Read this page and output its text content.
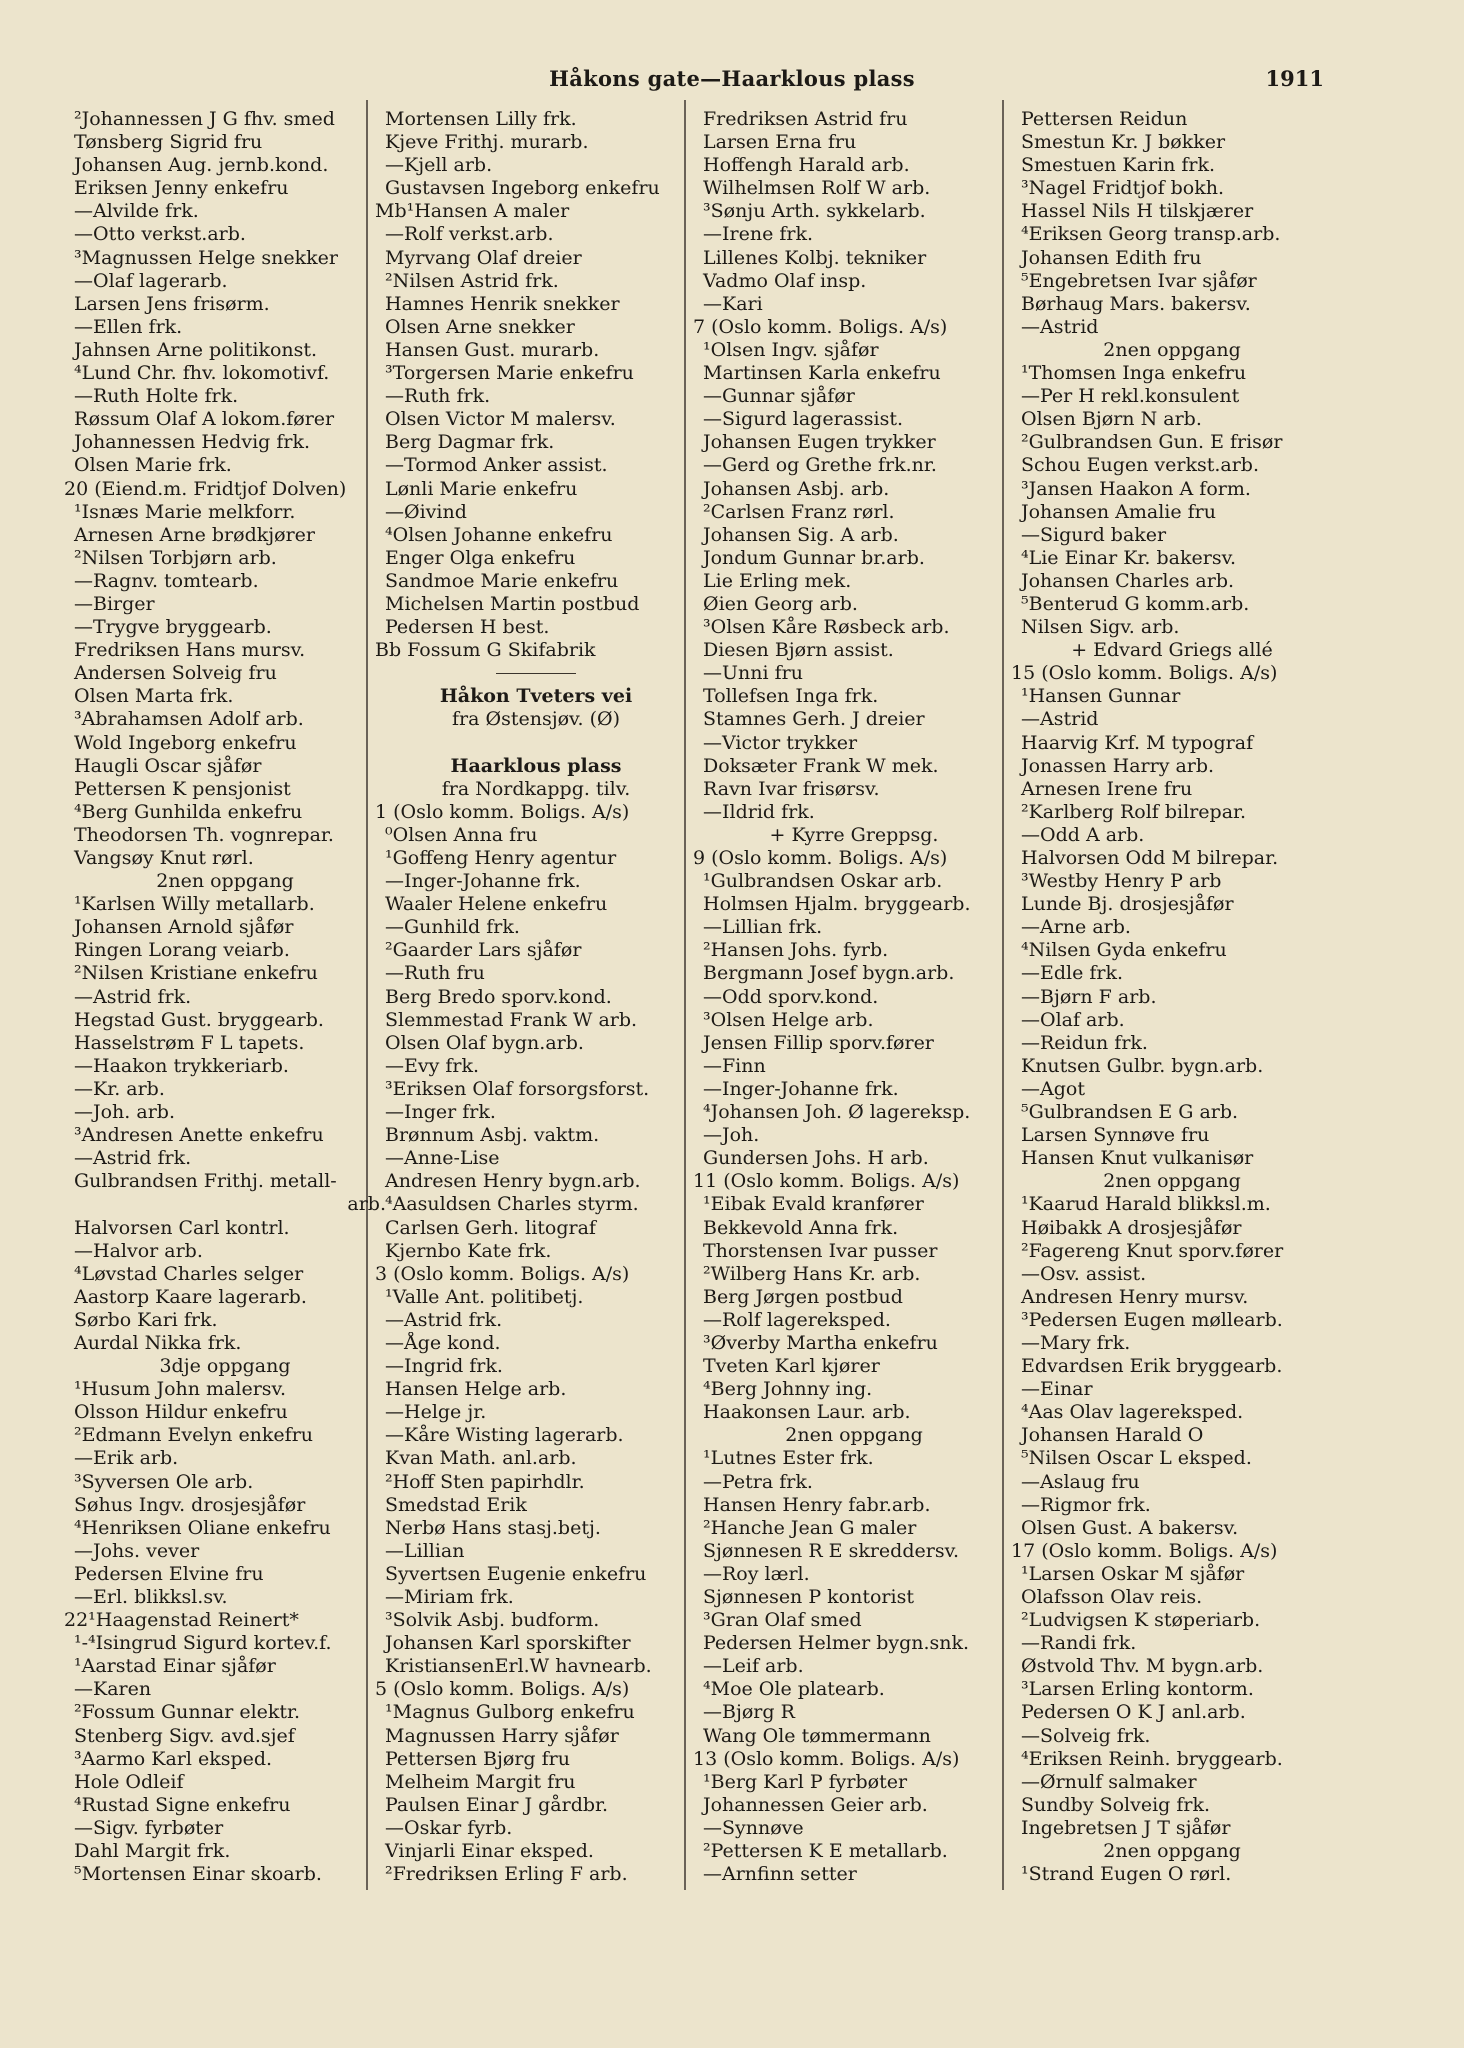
Håkons gate—Haarklous plass	1911
²Johannessen J G fhv. smed
Tønsberg Sigrid fru
Johansen Aug. jernb.kond.
Eriksen Jenny enkefru
—Alvilde frk.
—Otto verkst.arb.
³Magnussen Helge snekker
—Olaf lagerarb.
Larsen Jens frisørm.
—Ellen frk.
Jahnsen Arne politikonst.
⁴Lund Chr. fhv. lokomotivf.
—Ruth Holte frk.
Røssum Olaf A lokom.fører
Johannessen Hedvig frk.
Olsen Marie frk.
20 (Eiend.m. Fridtjof Dolven)
¹Isnæs Marie melkforr.
Arnesen Arne brødkjører
²Nilsen Torbjørn arb.
—Ragnv. tomtearb.
—Birger
—Trygve bryggearb.
Fredriksen Hans mursv.
Andersen Solveig fru
Olsen Marta frk.
³Abrahamsen Adolf arb.
Wold Ingeborg enkefru
Haugli Oscar sjåfør
Pettersen K pensjonist
⁴Berg Gunhilda enkefru
Theodorsen Th. vognrepar.
Vangsøy Knut rørl.
2nen oppgang
¹Karlsen Willy metallarb.
Johansen Arnold sjåfør
Ringen Lorang veiarb.
²Nilsen Kristiane enkefru
—Astrid frk.
Hegstad Gust. bryggearb.
Hasselstrøm F L tapets.
—Haakon trykkeriarb.
—Kr. arb.
—Joh. arb.
³Andresen Anette enkefru
—Astrid frk.
Gulbrandsen Frithj. metall-
arb.
Halvorsen Carl kontrl.
—Halvor arb.
⁴Løvstad Charles selger
Aastorp Kaare lagerarb.
Sørbo Kari frk.
Aurdal Nikka frk.
3dje oppgang
¹Husum John malersv.
Olsson Hildur enkefru
²Edmann Evelyn enkefru
—Erik arb.
³Syversen Ole arb.
Søhus Ingv. drosjesjåfør
⁴Henriksen Oliane enkefru
—Johs. vever
Pedersen Elvine fru
—Erl. blikksl.sv.
22¹Haagenstad Reinert*
¹-⁴Isingrud Sigurd kortev.f.
¹Aarstad Einar sjåfør
—Karen
²Fossum Gunnar elektr.
Stenberg Sigv. avd.sjef
³Aarmo Karl eksped.
Hole Odleif
⁴Rustad Signe enkefru
—Sigv. fyrbøter
Dahl Margit frk.
⁵Mortensen Einar skoarb.
Mortensen Lilly frk.
Kjeve Frithj. murarb.
—Kjell arb.
Gustavsen Ingeborg enkefru
Mb¹Hansen A maler
—Rolf verkst.arb.
Myrvang Olaf dreier
²Nilsen Astrid frk.
Hamnes Henrik snekker
Olsen Arne snekker
Hansen Gust. murarb.
³Torgersen Marie enkefru
—Ruth frk.
Olsen Victor M malersv.
Berg Dagmar frk.
—Tormod Anker assist.
Lønli Marie enkefru
—Øivind
⁴Olsen Johanne enkefru
Enger Olga enkefru
Sandmoe Marie enkefru
Michelsen Martin postbud
Pedersen H best.
Bb Fossum G Skifabrik
Håkon Tveters vei
fra Østensjøv. (Ø)
Haarklous plass
fra Nordkappg. tilv.
1 (Oslo komm. Boligs. A/s)
⁰Olsen Anna fru
¹Goffeng Henry agentur
—Inger-Johanne frk.
Waaler Helene enkefru
—Gunhild frk.
²Gaarder Lars sjåfør
—Ruth fru
Berg Bredo sporv.kond.
Slemmestad Frank W arb.
Olsen Olaf bygn.arb.
—Evy frk.
³Eriksen Olaf forsorgsforst.
—Inger frk.
Brønnum Asbj. vaktm.
—Anne-Lise
Andresen Henry bygn.arb.
⁴Aasuldsen Charles styrm.
Carlsen Gerh. litograf
Kjernbo Kate frk.
3 (Oslo komm. Boligs. A/s)
¹Valle Ant. politibetj.
—Astrid frk.
—Åge kond.
—Ingrid frk.
Hansen Helge arb.
—Helge jr.
—Kåre Wisting lagerarb.
Kvan Math. anl.arb.
²Hoff Sten papirhdlr.
Smedstad Erik
Nerbø Hans stasj.betj.
—Lillian
Syvertsen Eugenie enkefru
—Miriam frk.
³Solvik Asbj. budform.
Johansen Karl sporskifter
KristiansenErl.W havnearb.
5 (Oslo komm. Boligs. A/s)
¹Magnus Gulborg enkefru
Magnussen Harry sjåfør
Pettersen Bjørg fru
Melheim Margit fru
Paulsen Einar J gårdbr.
—Oskar fyrb.
Vinjarli Einar eksped.
²Fredriksen Erling F arb.
Fredriksen Astrid fru
Larsen Erna fru
Hoffengh Harald arb.
Wilhelmsen Rolf W arb.
³Sønju Arth. sykkelarb.
—Irene frk.
Lillenes Kolbj. tekniker
Vadmo Olaf insp.
—Kari
7 (Oslo komm. Boligs. A/s)
¹Olsen Ingv. sjåfør
Martinsen Karla enkefru
—Gunnar sjåfør
—Sigurd lagerassist.
Johansen Eugen trykker
—Gerd og Grethe frk.nr.
Johansen Asbj. arb.
²Carlsen Franz rørl.
Johansen Sig. A arb.
Jondum Gunnar br.arb.
Lie Erling mek.
Øien Georg arb.
³Olsen Kåre Røsbeck arb.
Diesen Bjørn assist.
—Unni fru
Tollefsen Inga frk.
Stamnes Gerh. J dreier
—Victor trykker
Doksæter Frank W mek.
Ravn Ivar frisørsv.
—Ildrid frk.
+ Kyrre Greppsg.
9 (Oslo komm. Boligs. A/s)
¹Gulbrandsen Oskar arb.
Holmsen Hjalm. bryggearb.
—Lillian frk.
²Hansen Johs. fyrb.
Bergmann Josef bygn.arb.
—Odd sporv.kond.
³Olsen Helge arb.
Jensen Fillip sporv.fører
—Finn
—Inger-Johanne frk.
⁴Johansen Joh. Ø lagereksp.
—Joh.
Gundersen Johs. H arb.
11 (Oslo komm. Boligs. A/s)
¹Eibak Evald kranfører
Bekkevold Anna frk.
Thorstensen Ivar pusser
²Wilberg Hans Kr. arb.
Berg Jørgen postbud
—Rolf lagereksped.
³Øverby Martha enkefru
Tveten Karl kjører
⁴Berg Johnny ing.
Haakonsen Laur. arb.
2nen oppgang
¹Lutnes Ester frk.
—Petra frk.
Hansen Henry fabr.arb.
²Hanche Jean G maler
Sjønnesen R E skreddersv.
—Roy lærl.
Sjønnesen P kontorist
³Gran Olaf smed
Pedersen Helmer bygn.snk.
—Leif arb.
⁴Moe Ole platearb.
—Bjørg R
Wang Ole tømmermann
13 (Oslo komm. Boligs. A/s)
¹Berg Karl P fyrbøter
Johannessen Geier arb.
—Synnøve
²Pettersen K E metallarb.
—Arnfinn setter
Pettersen Reidun
Smestun Kr. J bøkker
Smestuen Karin frk.
³Nagel Fridtjof bokh.
Hassel Nils H tilskjærer
⁴Eriksen Georg transp.arb.
Johansen Edith fru
⁵Engebretsen Ivar sjåfør
Børhaug Mars. bakersv.
—Astrid
2nen oppgang
¹Thomsen Inga enkefru
—Per H rekl.konsulent
Olsen Bjørn N arb.
²Gulbrandsen Gun. E frisør
Schou Eugen verkst.arb.
³Jansen Haakon A form.
Johansen Amalie fru
—Sigurd baker
⁴Lie Einar Kr. bakersv.
Johansen Charles arb.
⁵Benterud G komm.arb.
Nilsen Sigv. arb.
+ Edvard Griegs allé
15 (Oslo komm. Boligs. A/s)
¹Hansen Gunnar
—Astrid
Haarvig Krf. M typograf
Jonassen Harry arb.
Arnesen Irene fru
²Karlberg Rolf bilrepar.
—Odd A arb.
Halvorsen Odd M bilrepar.
³Westby Henry P arb
Lunde Bj. drosjesjåfør
—Arne arb.
⁴Nilsen Gyda enkefru
—Edle frk.
—Bjørn F arb.
—Olaf arb.
—Reidun frk.
Knutsen Gulbr. bygn.arb.
—Agot
⁵Gulbrandsen E G arb.
Larsen Synnøve fru
Hansen Knut vulkanisør
2nen oppgang
¹Kaarud Harald blikksl.m.
Høibakk A drosjesjåfør
²Fagereng Knut sporv.fører
—Osv. assist.
Andresen Henry mursv.
³Pedersen Eugen møllearb.
—Mary frk.
Edvardsen Erik bryggearb.
—Einar
⁴Aas Olav lagereksped.
Johansen Harald O
⁵Nilsen Oscar L eksped.
—Aslaug fru
—Rigmor frk.
Olsen Gust. A bakersv.
17 (Oslo komm. Boligs. A/s)
¹Larsen Oskar M sjåfør
Olafsson Olav reis.
²Ludvigsen K støperiarb.
—Randi frk.
Østvold Thv. M bygn.arb.
³Larsen Erling kontorm.
Pedersen O K J anl.arb.
—Solveig frk.
⁴Eriksen Reinh. bryggearb.
—Ørnulf salmaker
Sundby Solveig frk.
Ingebretsen J T sjåfør
2nen oppgang
¹Strand Eugen O rørl.
